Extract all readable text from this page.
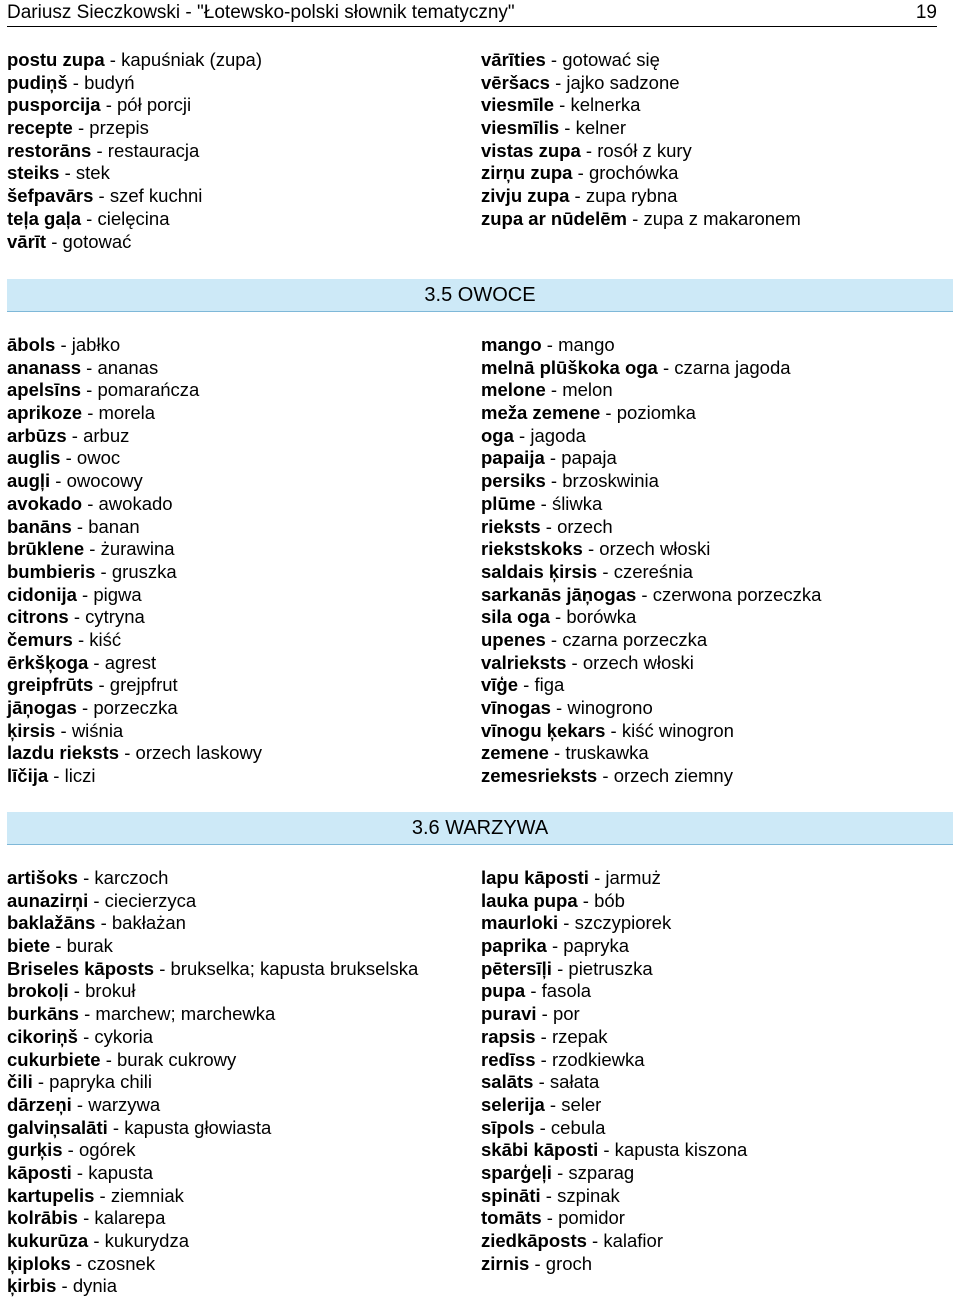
Dariusz Sieczkowski - "Łotewsko-polski słownik tematyczny"	19
postu zupa - kapuśniak (zupa)
pudiņš - budyń
pusporcija - pół porcji
recepte - przepis
restorāns - restauracja
steiks - stek
šefpavārs - szef kuchni
teļa gaļa - cielęcina
vārīt - gotować
vārīties - gotować się
vēršacs - jajko sadzone
viesmīle - kelnerka
viesmīlis - kelner
vistas zupa - rosół z kury
zirņu zupa - grochówka
zivju zupa - zupa rybna
zupa ar nūdelēm - zupa z makaronem
3.5 OWOCE
ābols - jabłko
ananass - ananas
apelsīns - pomarańcza
aprikoze - morela
arbūzs - arbuz
auglis - owoc
augļi - owocowy
avokado - awokado
banāns - banan
brūklene - żurawina
bumbieris - gruszka
cidonija - pigwa
citrons - cytryna
čemurs - kiść
ērkšķoga - agrest
greipfrūts - grejpfrut
jāņogas - porzeczka
ķirsis - wiśnia
lazdu rieksts - orzech laskowy
līčija - liczi
mango - mango
melnā plūškoka oga - czarna jagoda
melone - melon
meža zemene - poziomka
oga - jagoda
papaija - papaja
persiks - brzoskwinia
plūme - śliwka
rieksts - orzech
riekstskoks - orzech włoski
saldais ķirsis - czereśnia
sarkanās jāņogas - czerwona porzeczka
sila oga - borówka
upenes - czarna porzeczka
valrieksts - orzech włoski
vīģe - figa
vīnogas - winogrono
vīnogu ķekars - kiść winogron
zemene - truskawka
zemesrieksts - orzech ziemny
3.6 WARZYWA
artišoks - karczoch
aunazirņi - ciecierzyca
baklažāns - bakłażan
biete - burak
Briseles kāposts - brukselka; kapusta brukselska
brokoļi - brokuł
burkāns - marchew; marchewka
cikoriņš - cykoria
cukurbiete - burak cukrowy
čili - papryka chili
dārzeņi - warzywa
galviņsalāti - kapusta głowiasta
gurķis - ogórek
kāposti - kapusta
kartupelis - ziemniak
kolrābis - kalarepa
kukurūza - kukurydza
ķiploks - czosnek
ķirbis - dynia
lapu kāposti - jarmuż
lauka pupa - bób
maurloki - szczypiorek
paprika - papryka
pētersīļi - pietruszka
pupa - fasola
puravi - por
rapsis - rzepak
redīss - rzodkiewka
salāts - sałata
selerija - seler
sīpols - cebula
skābi kāposti - kapusta kiszona
sparģeļi - szparag
spināti - szpinak
tomāts - pomidor
ziedkāposts - kalafior
zirnis - groch
